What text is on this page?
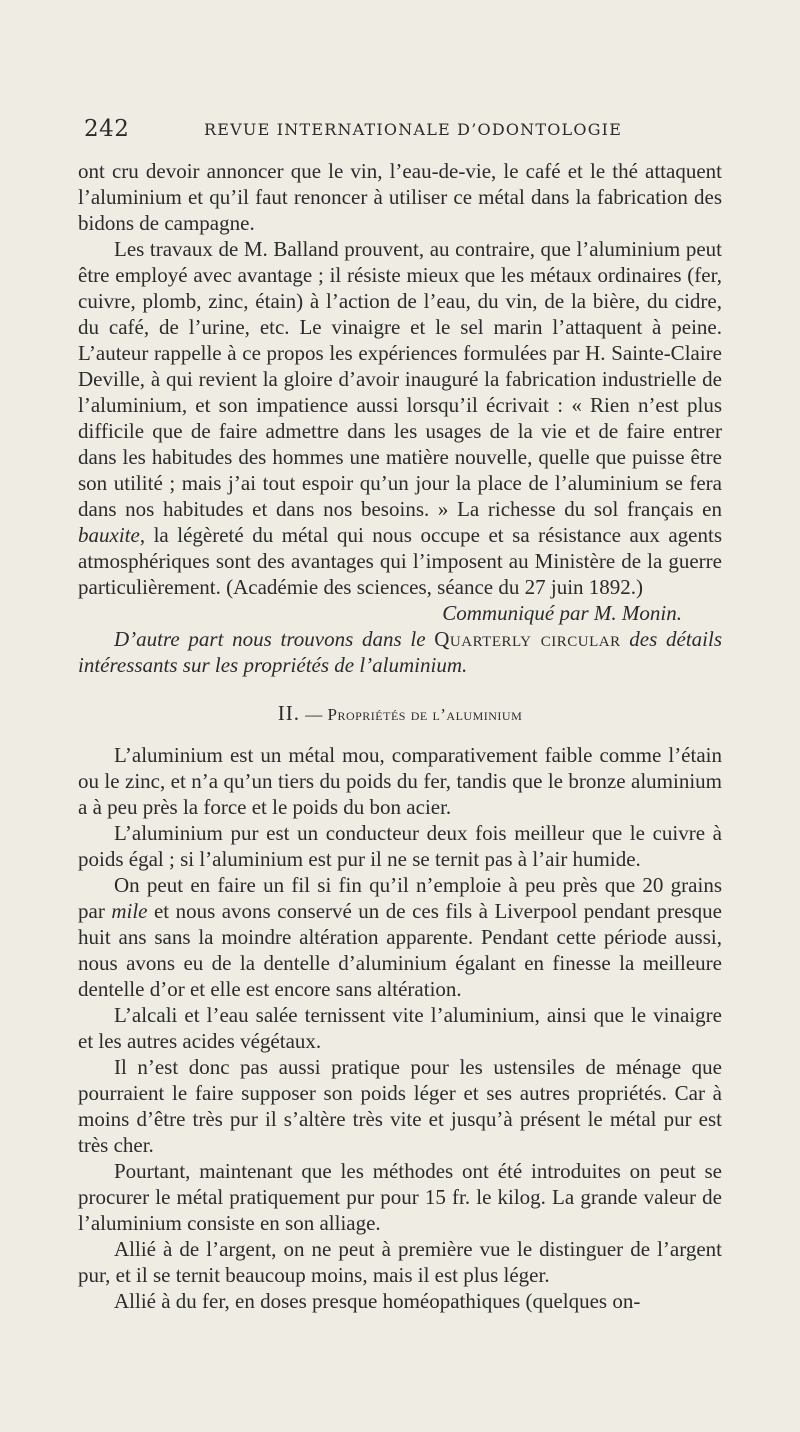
242	REVUE INTERNATIONALE D’ODONTOLOGIE

ont cru devoir annoncer que le vin, l’eau-de-vie, le café et le thé attaquent l’aluminium et qu’il faut renoncer à utiliser ce métal dans la fabrication des bidons de campagne.

Les travaux de M. Balland prouvent, au contraire, que l’aluminium peut être employé avec avantage ; il résiste mieux que les métaux ordinaires (fer, cuivre, plomb, zinc, étain) à l’action de l’eau, du vin, de la bière, du cidre, du café, de l’urine, etc. Le vinaigre et le sel marin l’attaquent à peine. L’auteur rappelle à ce propos les expériences formulées par H. Sainte-Claire Deville, à qui revient la gloire d’avoir inauguré la fabrication industrielle de l’aluminium, et son impatience aussi lorsqu’il écrivait : « Rien n’est plus difficile que de faire admettre dans les usages de la vie et de faire entrer dans les habitudes des hommes une matière nouvelle, quelle que puisse être son utilité ; mais j’ai tout espoir qu’un jour la place de l’aluminium se fera dans nos habitudes et dans nos besoins. » La richesse du sol français en bauxite, la légèreté du métal qui nous occupe et sa résistance aux agents atmosphériques sont des avantages qui l’imposent au Ministère de la guerre particulièrement. (Académie des sciences, séance du 27 juin 1892.)

Communiqué par M. Monin.

D’autre part nous trouvons dans le Quarterly circular des détails intéressants sur les propriétés de l’aluminium.

II. — Propriétés de l’aluminium

L’aluminium est un métal mou, comparativement faible comme l’étain ou le zinc, et n’a qu’un tiers du poids du fer, tandis que le bronze aluminium a à peu près la force et le poids du bon acier.

L’aluminium pur est un conducteur deux fois meilleur que le cuivre à poids égal ; si l’aluminium est pur il ne se ternit pas à l’air humide.

On peut en faire un fil si fin qu’il n’emploie à peu près que 20 grains par mile et nous avons conservé un de ces fils à Liverpool pendant presque huit ans sans la moindre altération apparente. Pendant cette période aussi, nous avons eu de la dentelle d’aluminium égalant en finesse la meilleure dentelle d’or et elle est encore sans altération.

L’alcali et l’eau salée ternissent vite l’aluminium, ainsi que le vinaigre et les autres acides végétaux.

Il n’est donc pas aussi pratique pour les ustensiles de ménage que pourraient le faire supposer son poids léger et ses autres propriétés. Car à moins d’être très pur il s’altère très vite et jusqu’à présent le métal pur est très cher.

Pourtant, maintenant que les méthodes ont été introduites on peut se procurer le métal pratiquement pur pour 15 fr. le kilog. La grande valeur de l’aluminium consiste en son alliage.

Allié à de l’argent, on ne peut à première vue le distinguer de l’argent pur, et il se ternit beaucoup moins, mais il est plus léger.

Allié à du fer, en doses presque homéopathiques (quelques on-
